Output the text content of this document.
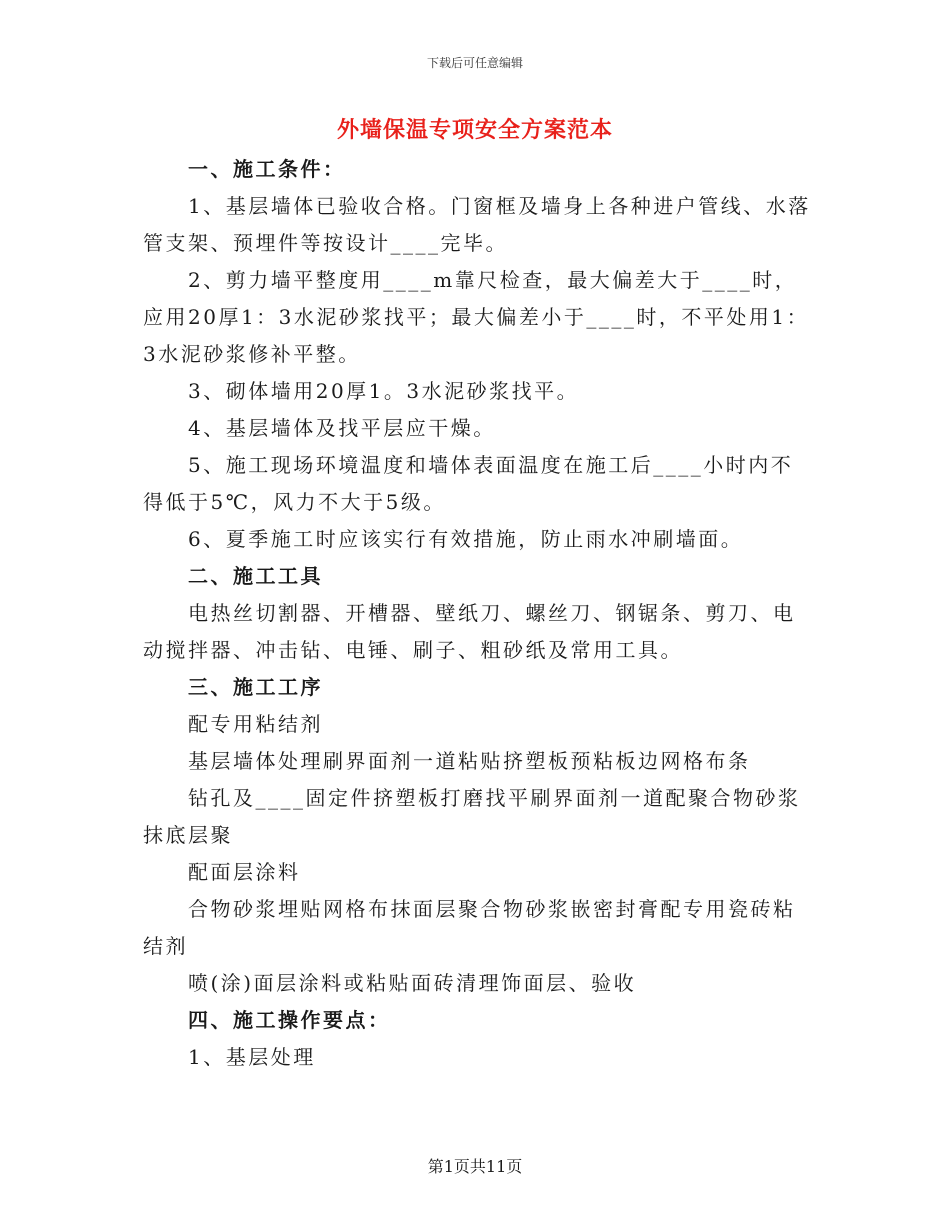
下载后可任意编辑
外墙保温专项安全方案范本
一、施工条件：
1、基层墙体已验收合格。门窗框及墙身上各种进户管线、水落管支架、预埋件等按设计____完毕。
2、剪力墙平整度用____m靠尺检查，最大偏差大于____时，应用20厚1：3水泥砂浆找平；最大偏差小于____时，不平处用1：3水泥砂浆修补平整。
3、砌体墙用20厚1。3水泥砂浆找平。
4、基层墙体及找平层应干燥。
5、施工现场环境温度和墙体表面温度在施工后____小时内不得低于5℃，风力不大于5级。
6、夏季施工时应该实行有效措施，防止雨水冲刷墙面。
二、施工工具
电热丝切割器、开槽器、壁纸刀、螺丝刀、钢锯条、剪刀、电动搅拌器、冲击钻、电锤、刷子、粗砂纸及常用工具。
三、施工工序
配专用粘结剂
基层墙体处理刷界面剂一道粘贴挤塑板预粘板边网格布条
钻孔及____固定件挤塑板打磨找平刷界面剂一道配聚合物砂浆抹底层聚
配面层涂料
合物砂浆埋贴网格布抹面层聚合物砂浆嵌密封膏配专用瓷砖粘结剂
喷(涂)面层涂料或粘贴面砖清理饰面层、验收
四、施工操作要点：
1、基层处理
第1页共11页
